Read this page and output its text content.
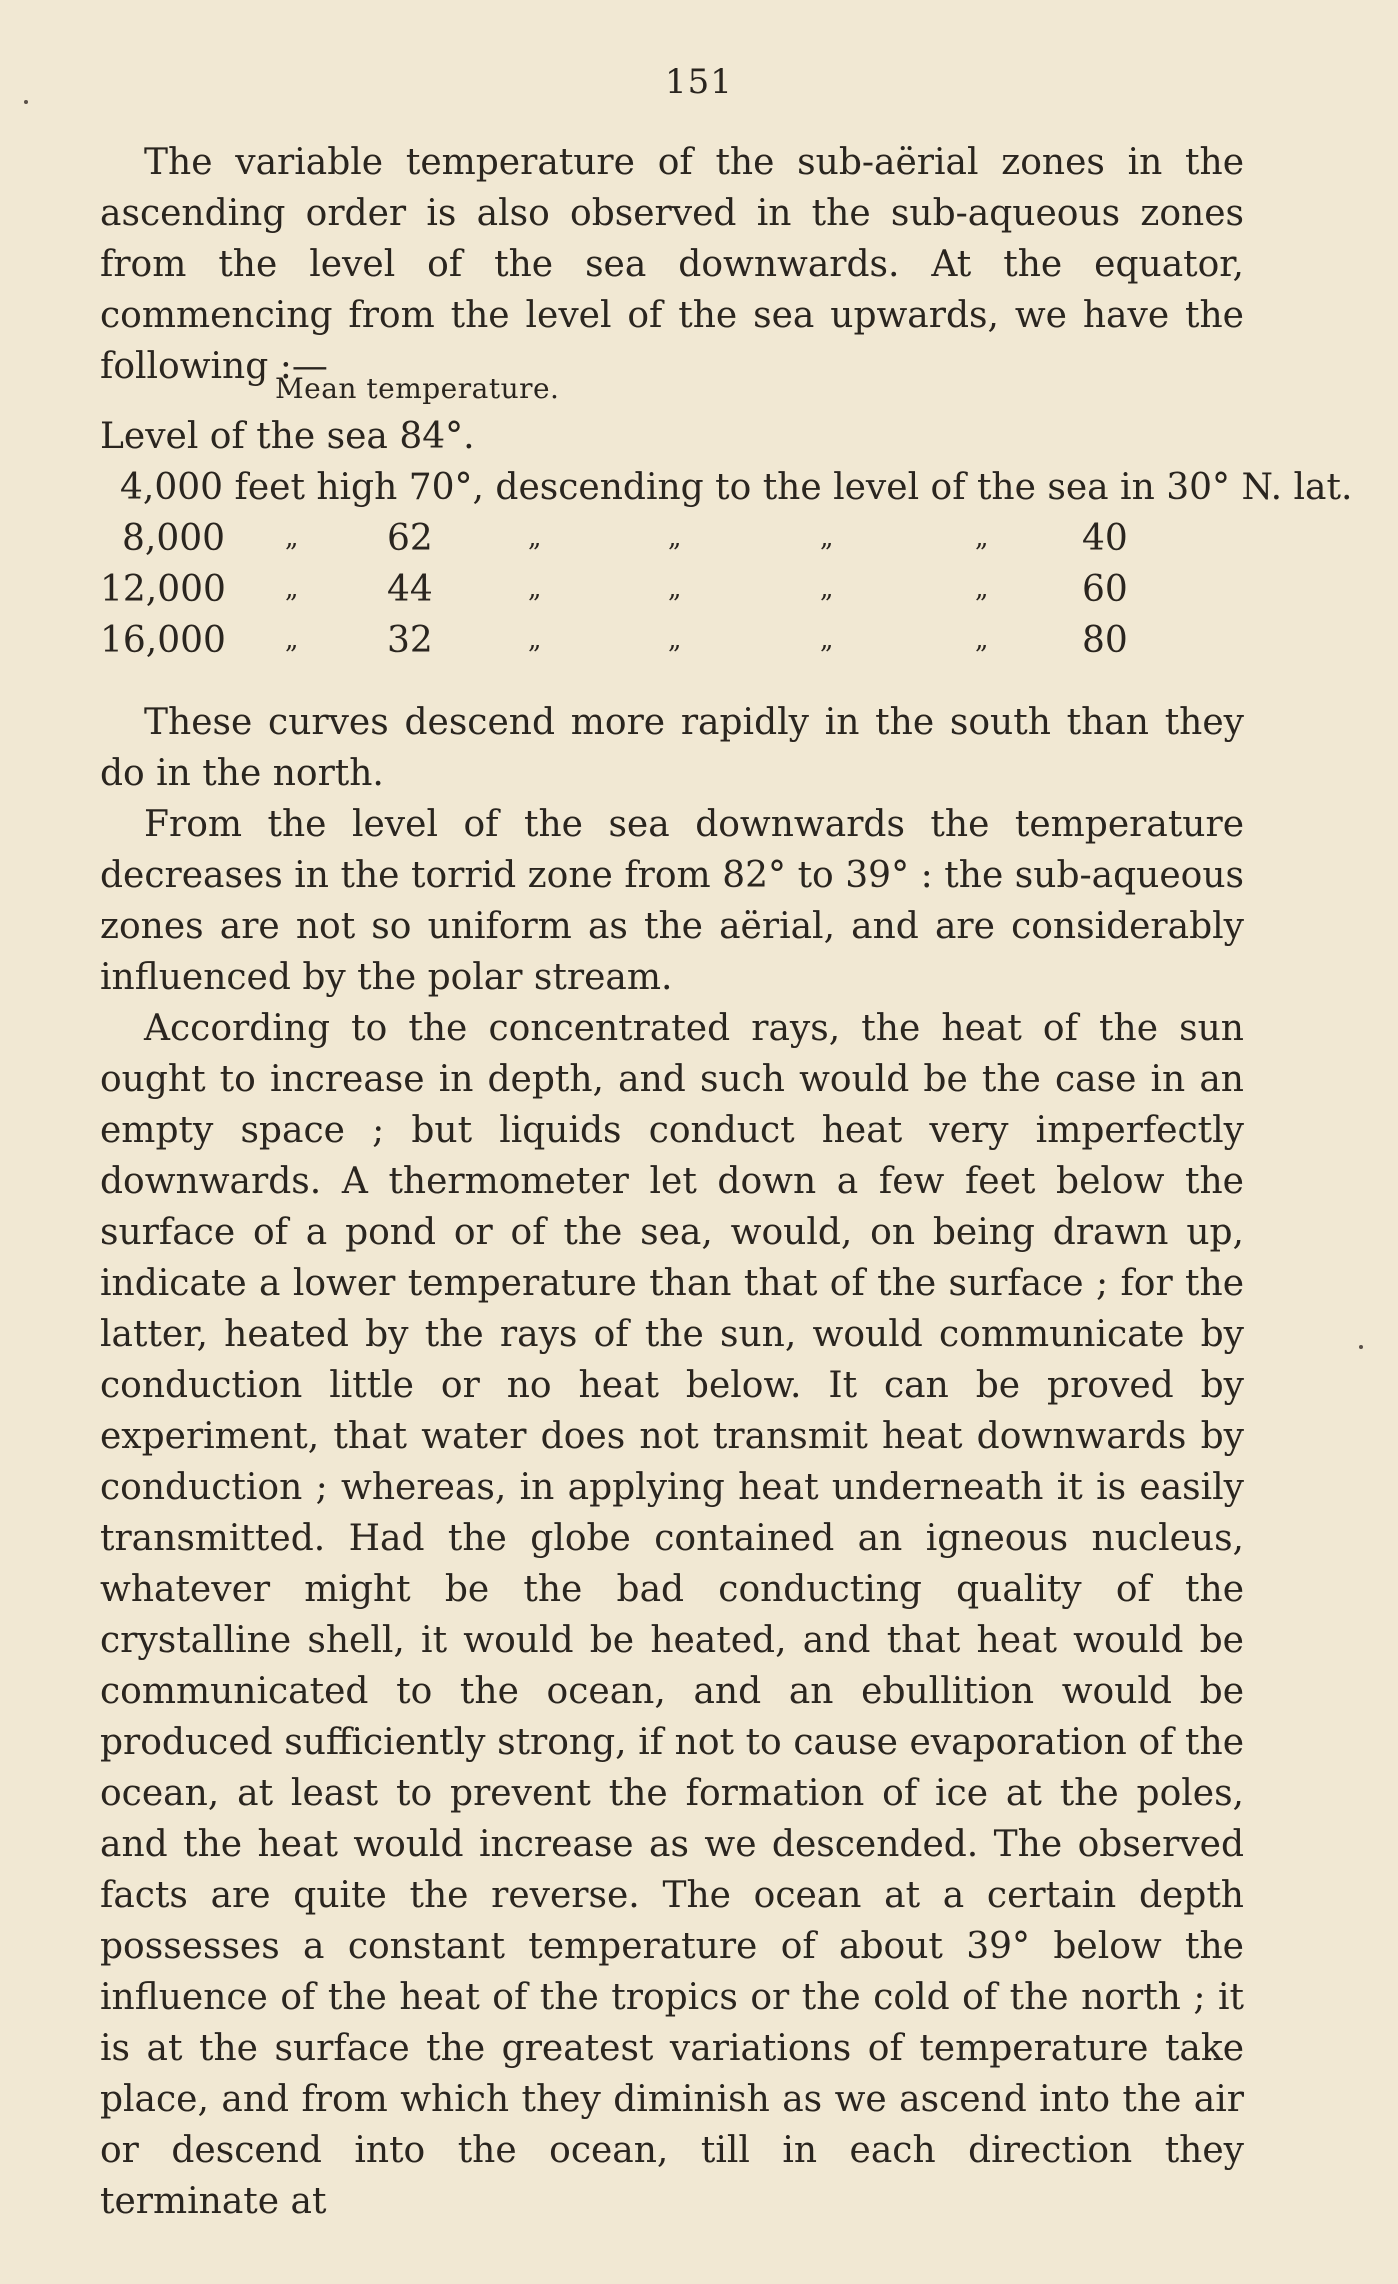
151

The variable temperature of the sub-aërial zones in the ascending order is also observed in the sub-aqueous zones from the level of the sea downwards. At the equator, commencing from the level of the sea upwards, we have the following :—

Mean temperature.
Level of the sea 84°.
4,000 feet high 70°, descending to the level of the sea in 30° N. lat.
8,000 „ 62	„	„	„	„	40
12,000 „ 44	„	„	„	„	60
16,000 „ 32	„	„	„	„	80

These curves descend more rapidly in the south than they do in the north.

From the level of the sea downwards the temperature decreases in the torrid zone from 82° to 39° : the sub-aqueous zones are not so uniform as the aërial, and are considerably influenced by the polar stream.

According to the concentrated rays, the heat of the sun ought to increase in depth, and such would be the case in an empty space ; but liquids conduct heat very imperfectly downwards. A thermometer let down a few feet below the surface of a pond or of the sea, would, on being drawn up, indicate a lower temperature than that of the surface ; for the latter, heated by the rays of the sun, would communicate by conduction little or no heat below. It can be proved by experiment, that water does not transmit heat downwards by conduction ; whereas, in applying heat underneath it is easily transmitted. Had the globe contained an igneous nucleus, whatever might be the bad conducting quality of the crystalline shell, it would be heated, and that heat would be communicated to the ocean, and an ebullition would be produced sufficiently strong, if not to cause evaporation of the ocean, at least to prevent the formation of ice at the poles, and the heat would increase as we descended. The observed facts are quite the reverse. The ocean at a certain depth possesses a constant temperature of about 39° below the influence of the heat of the tropics or the cold of the north ; it is at the surface the greatest variations of temperature take place, and from which they diminish as we ascend into the air or descend into the ocean, till in each direction they terminate at
